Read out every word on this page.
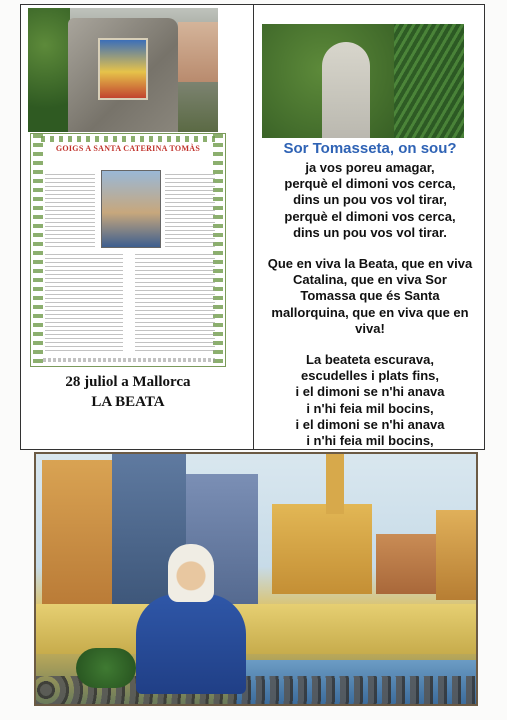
GOIGS A SANTA CATERINA TOMÀS
28 juliol a Mallorca
LA BEATA
Sor Tomasseta, on sou?
ja vos poreu amagar,
perquè el dimoni vos cerca,
dins un pou vos vol tirar,
perquè el dimoni vos cerca,
dins un pou vos vol tirar.
Que en viva la Beata, que en viva
Catalina, que en viva Sor
Tomassa que és Santa
mallorquina, que en viva que en
viva!
La beateta escurava,
escudelles i plats fins,
i el dimoni se n'hi anava
i n'hi feia mil bocins,
i el dimoni se n'hi anava
i n'hi feia mil bocins,
